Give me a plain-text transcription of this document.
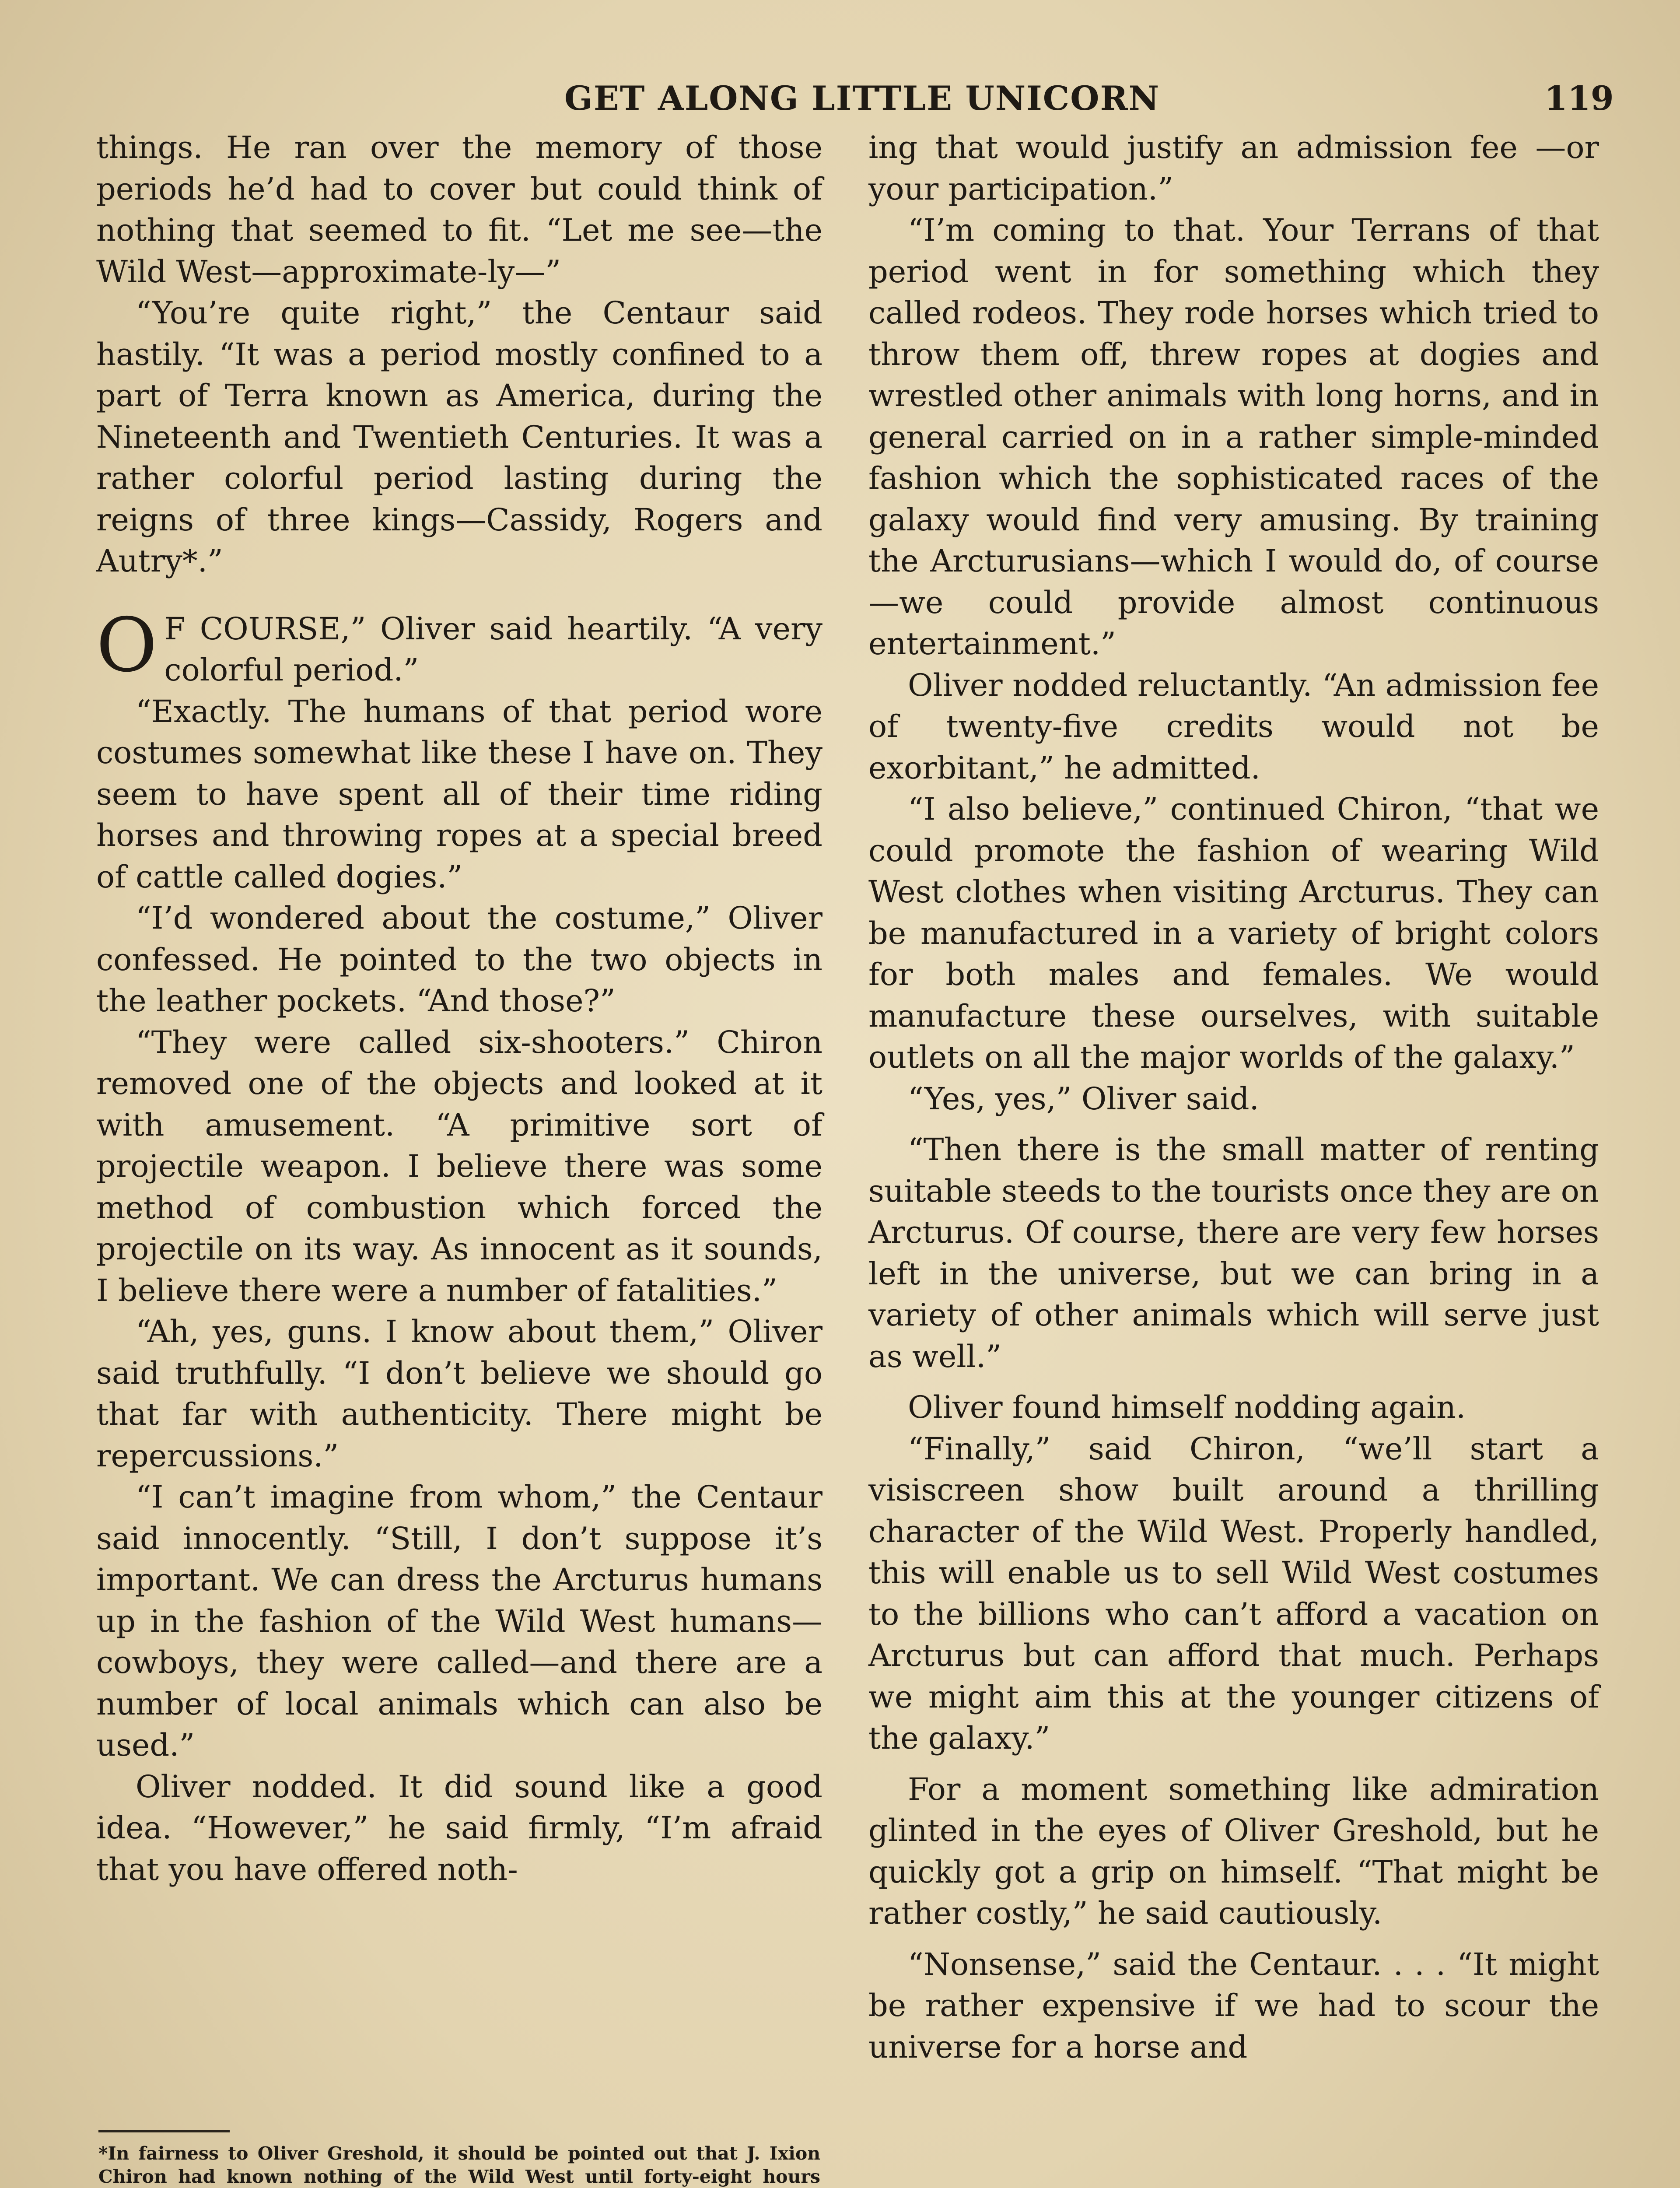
GET ALONG LITTLE UNICORN	119

things. He ran over the memory of those periods he’d had to cover but could think of nothing that seemed to fit. “Let me see—the Wild West—approximate-ly—”

“You’re quite right,” the Centaur said hastily. “It was a period mostly confined to a part of Terra known as America, during the Nineteenth and Twentieth Centuries. It was a rather colorful period lasting during the reigns of three kings—Cassidy, Rogers and Autry*.”

O F COURSE,” Oliver said heartily. “A very colorful period.”

“Exactly. The humans of that period wore costumes somewhat like these I have on. They seem to have spent all of their time riding horses and throwing ropes at a special breed of cattle called dogies.”

“I’d wondered about the costume,” Oliver confessed. He pointed to the two objects in the leather pockets. “And those?”

“They were called six-shooters.” Chiron removed one of the objects and looked at it with amusement. “A primitive sort of projectile weapon. I believe there was some method of combustion which forced the projectile on its way. As innocent as it sounds, I believe there were a number of fatalities.”

“Ah, yes, guns. I know about them,” Oliver said truthfully. “I don’t believe we should go that far with authenticity. There might be repercussions.”

“I can’t imagine from whom,” the Centaur said innocently. “Still, I don’t suppose it’s important. We can dress the Arcturus humans up in the fashion of the Wild West humans—cowboys, they were called—and there are a number of local animals which can also be used.”

Oliver nodded. It did sound like a good idea. “However,” he said firmly, “I’m afraid that you have offered noth-

ing that would justify an admission fee —or your participation.”

“I’m coming to that. Your Terrans of that period went in for something which they called rodeos. They rode horses which tried to throw them off, threw ropes at dogies and wrestled other animals with long horns, and in general carried on in a rather simple-minded fashion which the sophisticated races of the galaxy would find very amusing. By training the Arcturusians—which I would do, of course—we could provide almost continuous entertainment.”

Oliver nodded reluctantly. “An admission fee of twenty-five credits would not be exorbitant,” he admitted.

“I also believe,” continued Chiron, “that we could promote the fashion of wearing Wild West clothes when visiting Arcturus. They can be manufactured in a variety of bright colors for both males and females. We would manufacture these ourselves, with suitable outlets on all the major worlds of the galaxy.”

“Yes, yes,” Oliver said.

“Then there is the small matter of renting suitable steeds to the tourists once they are on Arcturus. Of course, there are very few horses left in the universe, but we can bring in a variety of other animals which will serve just as well.”

Oliver found himself nodding again.

“Finally,” said Chiron, “we’ll start a visiscreen show built around a thrilling character of the Wild West. Properly handled, this will enable us to sell Wild West costumes to the billions who can’t afford a vacation on Arcturus but can afford that much. Perhaps we might aim this at the younger citizens of the galaxy.”

For a moment something like admiration glinted in the eyes of Oliver Greshold, but he quickly got a grip on himself. “That might be rather costly,” he said cautiously.

“Nonsense,” said the Centaur. . . . “It might be rather expensive if we had to scour the universe for a horse and

*In fairness to Oliver Greshold, it should be pointed out that J. Ixion Chiron had known nothing of the Wild West until forty-eight hours
